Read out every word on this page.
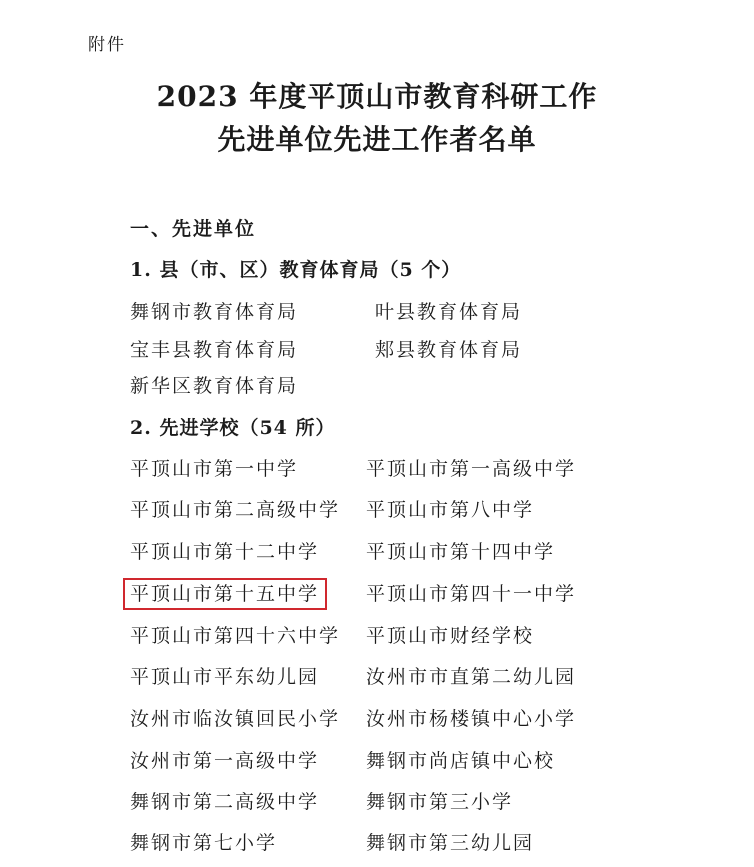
附件
2023 年度平顶山市教育科研工作
先进单位先进工作者名单
一、先进单位
1. 县（市、区）教育体育局（5 个）
舞钢市教育体育局	叶县教育体育局
宝丰县教育体育局	郏县教育体育局
新华区教育体育局
2. 先进学校（54 所）
平顶山市第一中学	平顶山市第一高级中学
平顶山市第二高级中学 平顶山市第八中学
平顶山市第十二中学 平顶山市第十四中学
平顶山市第十五中学	平顶山市第四十一中学
平顶山市第四十六中学 平顶山市财经学校
平顶山市平东幼儿园 汝州市市直第二幼儿园
汝州市临汝镇回民小学 汝州市杨楼镇中心小学
汝州市第一高级中学 舞钢市尚店镇中心校
舞钢市第二高级中学 舞钢市第三小学
舞钢市第七小学	舞钢市第三幼儿园
